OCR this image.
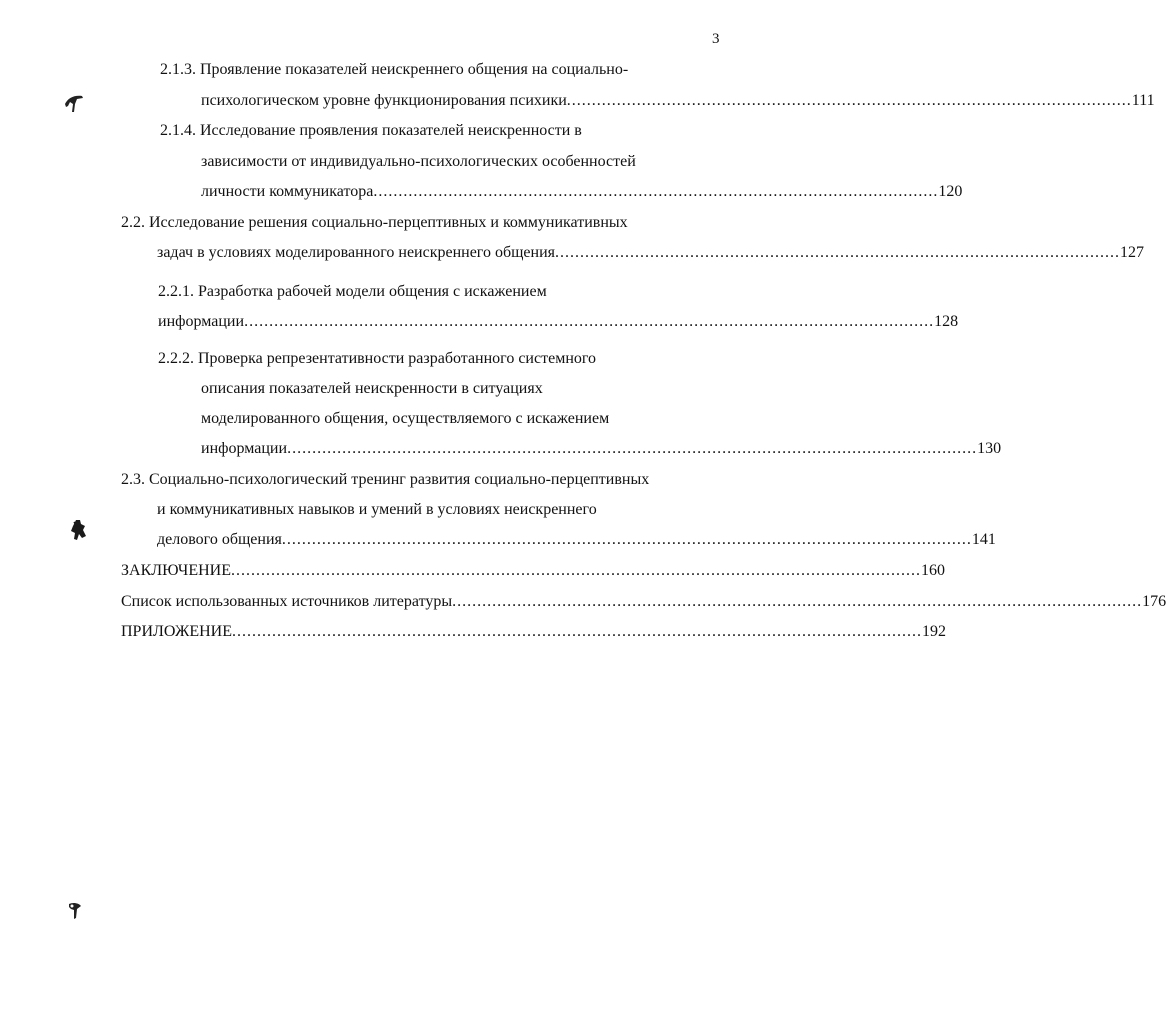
3
2.1.3. Проявление показателей неискреннего общения на социально-
психологическом уровне функционирования психики ................................................................................................................. 111
2.1.4. Исследование проявления показателей неискренности в
зависимости от индивидуально-психологических особенностей
личности коммуникатора ................................................................................................................. 120
2.2. Исследование решения социально-перцептивных и коммуникативных
задач в условиях моделированного неискреннего общения ................................................................................................................. 127
2.2.1. Разработка рабочей модели общения с искажением
информации .......................................................................................................................................... 128
2.2.2. Проверка репрезентативности разработанного системного
описания показателей неискренности в ситуациях
моделированного общения, осуществляемого с искажением
информации .......................................................................................................................................... 130
2.3. Социально-психологический тренинг развития социально-перцептивных
и коммуникативных навыков и умений в условиях неискреннего
делового общения .......................................................................................................................................... 141
ЗАКЛЮЧЕНИЕ .......................................................................................................................................... 160
Список использованных источников литературы .......................................................................................................................................... 176
ПРИЛОЖЕНИЕ .......................................................................................................................................... 192
